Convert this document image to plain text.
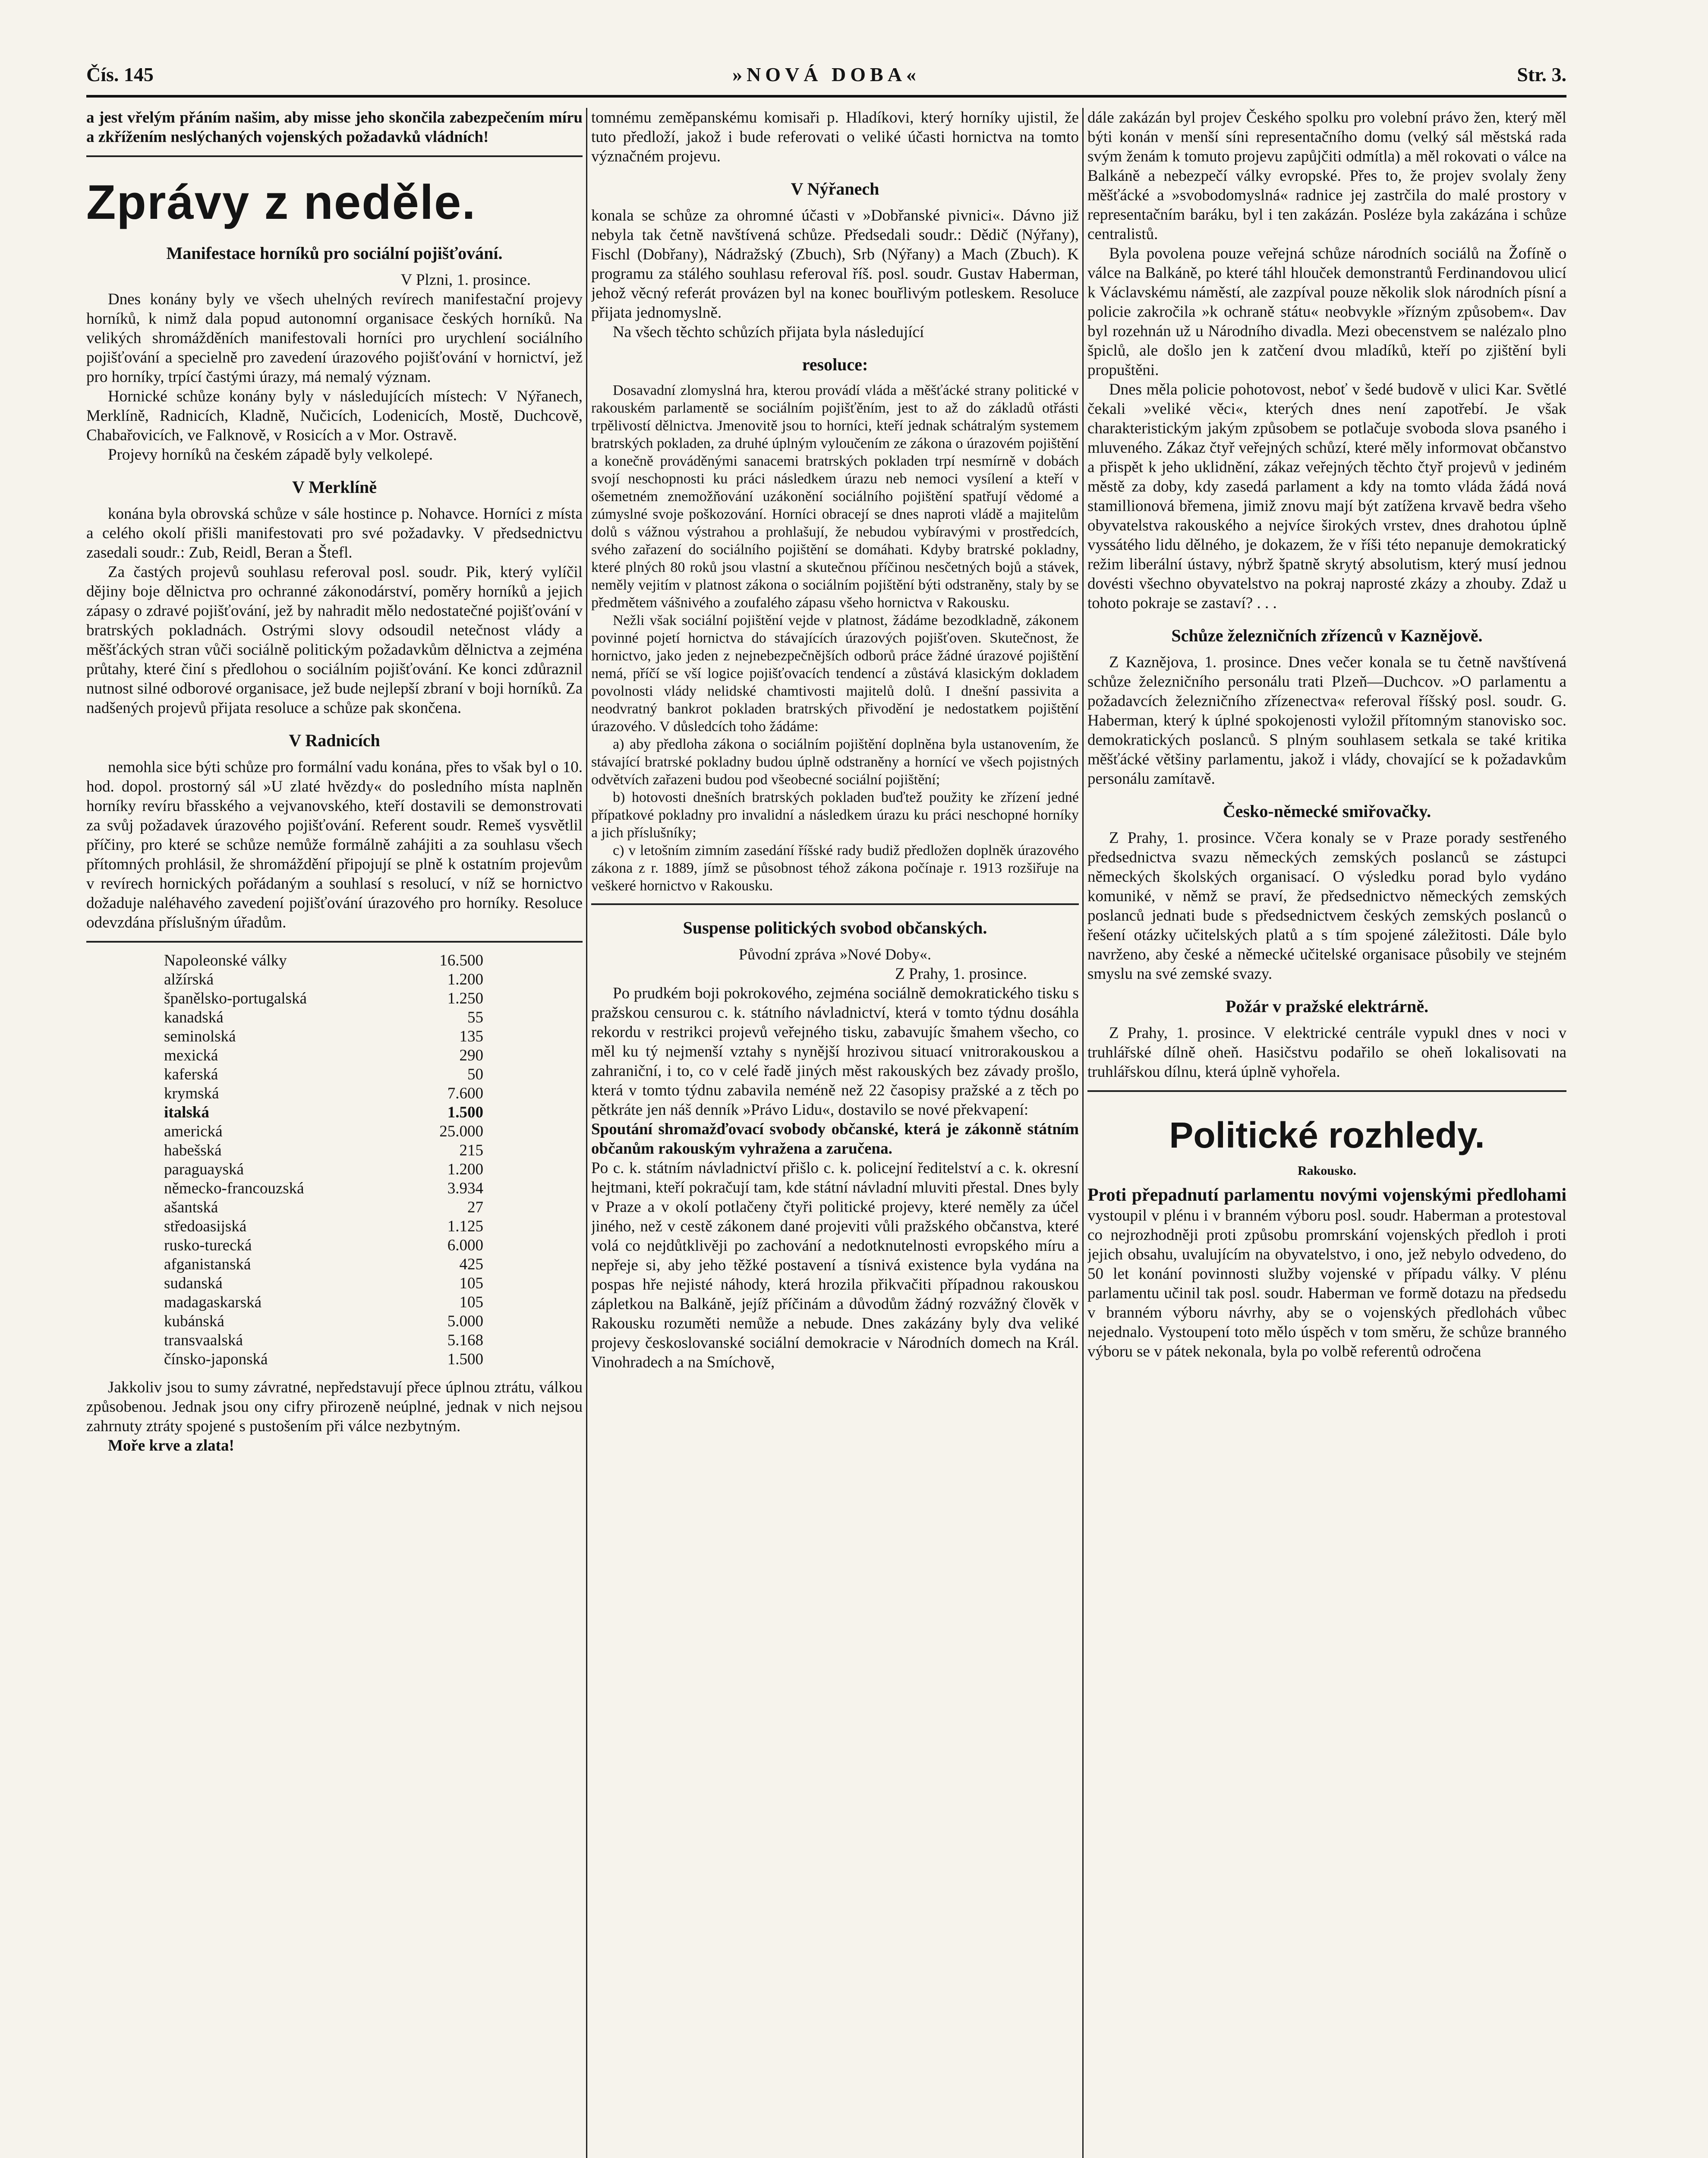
»NOVÁ DOBA«
Čís. 145	Str. 3.

a jest vřelým přáním našim, aby misse jeho skončila zabezpečením míru a zkřížením neslýchaných vojenských požadavků vládních!

Zprávy z neděle.
Manifestace horníků pro sociální pojišťování.

V Plzni, 1. prosince.

Dnes konány byly ve všech uhelných revírech manifestační projevy horníků, k nimž dala popud autonomní organisace českých horníků. Na velikých shromážděních manifestovali horníci pro urychlení sociálního pojišťování a specielně pro zavedení úrazového pojišťování v hornictví, jež pro horníky, trpící častými úrazy, má nemalý význam.

Hornické schůze konány byly v následujících místech: V Nýřanech, Merklíně, Radnicích, Kladně, Nučicích, Lodenicích, Mostě, Duchcově, Chabařovicích, ve Falknově, v Rosicích a v Mor. Ostravě.

Projevy horníků na českém západě byly velkolepé.

V Merklíně

konána byla obrovská schůze v sále hostince p. Nohavce. Horníci z místa a celého okolí přišli manifestovati pro své požadavky. V předsednictvu zasedali soudr.: Zub, Reidl, Beran a Štefl.

Za častých projevů souhlasu referoval posl. soudr. Pik, který vylíčil dějiny boje dělnictva pro ochranné zákonodárství, poměry horníků a jejich zápasy o zdravé pojišťování, jež by nahradit mělo nedostatečné pojišťování v bratrských pokladnách. Ostrými slovy odsoudil netečnost vlády a měšťáckých stran vůči sociálně politickým požadavkům dělnictva a zejména průtahy, které činí s předlohou o sociálním pojišťování. Ke konci zdůraznil nutnost silné odborové organisace, jež bude nejlepší zbraní v boji horníků. Za nadšených projevů přijata resoluce a schůze pak skončena.

V Radnicích

nemohla sice býti schůze pro formální vadu konána, přes to však byl o 10. hod. dopol. prostorný sál »U zlaté hvězdy« do posledního místa naplněn horníky revíru břasského a vejvanovského, kteří dostavili se demonstrovati za svůj požadavek úrazového pojišťování. Referent soudr. Remeš vysvětlil příčiny, pro které se schůze nemůže formálně zahájiti a za souhlasu všech přítomných prohlásil, že shromáždění připojují se plně k ostatním projevům v revírech hornických pořádaným a souhlasí s resolucí, v níž se hornictvo dožaduje naléhavého zavedení pojišťování úrazového pro horníky. Resoluce odevzdána příslušným úřadům.

Napoleonské války	16.500
alžírská	1.200
španělsko-portugalská	1.250
kanadská	55
seminolská	135
mexická	290
kaferská	50
krymská	7.600
italská	1.500
americká	25.000
habešská	215
paraguayská	1.200
německo-francouzská	3.934
ašantská	27
středoasijská	1.125
rusko-turecká	6.000
afganistanská	425
sudanská	105
madagaskarská	105
kubánská	5.000
transvaalská	5.168
čínsko-japonská	1.500

Jakkoliv jsou to sumy závratné, nepředstavují přece úplnou ztrátu, válkou způsobenou. Jednak jsou ony cifry přirozeně neúplné, jednak v nich nejsou zahrnuty ztráty spojené s pustošením při válce nezbytným.

Moře krve a zlata!

tomnému zeměpanskému komisaři p. Hladíkovi, který horníky ujistil, že tuto předloží, jakož i bude referovati o veliké účasti hornictva na tomto význačném projevu.

V Nýřanech

konala se schůze za ohromné účasti v »Dobřanské pivnici«. Dávno již nebyla tak četně navštívená schůze. Předsedali soudr.: Dědič (Nýřany), Fischl (Dobřany), Nádražský (Zbuch), Srb (Nýřany) a Mach (Zbuch). K programu za stálého souhlasu referoval říš. posl. soudr. Gustav Haberman, jehož věcný referát provázen byl na konec bouřlivým potleskem. Resoluce přijata jednomyslně.

Na všech těchto schůzích přijata byla následující

resoluce:

Dosavadní zlomyslná hra, kterou provádí vláda a měšťácké strany politické v rakouském parlamentě se sociálním pojišťěním, jest to až do základů otřásti trpělivostí dělnictva. Jmenovitě jsou to horníci, kteří jednak schátralým systemem bratrských pokladen, za druhé úplným vyloučením ze zákona o úrazovém pojištění a konečně prováděnými sanacemi bratrských pokladen trpí nesmírně v dobách svojí neschopnosti ku práci následkem úrazu neb nemoci vysílení a kteří v ošemetném znemožňování uzákonění sociálního pojištění spatřují vědomé a zúmyslné svoje poškozování. Horníci obracejí se dnes naproti vládě a majitelům dolů s vážnou výstrahou a prohlašují, že nebudou vybíravými v prostředcích, svého zařazení do sociálního pojištění se domáhati. Kdyby bratrské pokladny, které plných 80 roků jsou vlastní a skutečnou příčinou nesčetných bojů a stávek, neměly vejitím v platnost zákona o sociálním pojištění býti odstraněny, staly by se předmětem vášnivého a zoufalého zápasu všeho hornictva v Rakousku.

Nežli však sociální pojištění vejde v platnost, žádáme bezodkladně, zákonem povinné pojetí hornictva do stávajících úrazových pojišťoven. Skutečnost, že hornictvo, jako jeden z nejnebezpečnějších odborů práce žádné úrazové pojištění nemá, příčí se vší logice pojišťovacích tendencí a zůstává klasickým dokladem povolnosti vlády nelidské chamtivosti majitelů dolů. I dnešní passivita a neodvratný bankrot pokladen bratrských přivodění je nedostatkem pojištění úrazového. V důsledcích toho žádáme:

a) aby předloha zákona o sociálním pojištění doplněna byla ustanovením, že stávající bratrské pokladny budou úplně odstraněny a hornící ve všech pojistných odvětvích zařazeni budou pod všeobecné sociální pojištění;

b) hotovosti dnešních bratrských pokladen buďtež použity ke zřízení jedné přípatkové pokladny pro invalidní a následkem úrazu ku práci neschopné horníky a jich příslušníky;

c) v letošním zimním zasedání říšské rady budiž předložen doplněk úrazového zákona z r. 1889, jímž se působnost téhož zákona počínaje r. 1913 rozšiřuje na veškeré hornictvo v Rakousku.

Suspense politických svobod občanských.

Původní zpráva »Nové Doby«.

Z Prahy, 1. prosince.

Po prudkém boji pokrokového, zejména sociálně demokratického tisku s pražskou censurou c. k. státního návladnictví, která v tomto týdnu dosáhla rekordu v restrikci projevů veřejného tisku, zabavujíc šmahem všecho, co měl ku tý nejmenší vztahy s nynější hrozivou situací vnitrorakouskou a zahraniční, i to, co v celé řadě jiných měst rakouských bez závady prošlo, která v tomto týdnu zabavila neméně než 22 časopisy pražské a z těch po pětkráte jen náš denník »Právo Lidu«, dostavilo se nové překvapení:

Spoutání shromažďovací svobody občanské, která je zákonně státním občanům rakouským vyhražena a zaručena.

Po c. k. státním návladnictví přišlo c. k. policejní ředitelství a c. k. okresní hejtmani, kteří pokračují tam, kde státní návladní mluviti přestal. Dnes byly v Praze a v okolí potlačeny čtyři politické projevy, které neměly za účel jiného, než v cestě zákonem dané projeviti vůli pražského občanstva, které volá co nejdůtklivěji po zachování a nedotknutelnosti evropského míru a nepřeje si, aby jeho těžké postavení a tísnivá existence byla vydána na pospas hře nejisté náhody, která hrozila přikvačiti případnou rakouskou zápletkou na Balkáně, jejíž příčinám a důvodům žádný rozvážný člověk v Rakousku rozuměti nemůže a nebude. Dnes zakázány byly dva veliké projevy českoslovanské sociální demokracie v Národních domech na Král. Vinohradech a na Smíchově,

dále zakázán byl projev Českého spolku pro volební právo žen, který měl býti konán v menší síni representačního domu (velký sál městská rada svým ženám k tomuto projevu zapůjčiti odmítla) a měl rokovati o válce na Balkáně a nebezpečí války evropské. Přes to, že projev svolaly ženy měšťácké a »svobodomyslná« radnice jej zastrčila do malé prostory v representačním baráku, byl i ten zakázán. Posléze byla zakázána i schůze centralistů.

Byla povolena pouze veřejná schůze národních sociálů na Žofíně o válce na Balkáně, po které táhl hlouček demonstrantů Ferdinandovou ulicí k Václavskému náměstí, ale zazpíval pouze několik slok národních písní a policie zakročila »k ochraně státu« neobvykle »řízným způsobem«. Dav byl rozehnán už u Národního divadla. Mezi obecenstvem se nalézalo plno špiclů, ale došlo jen k zatčení dvou mladíků, kteří po zjištění byli propuštěni.

Dnes měla policie pohotovost, neboť v šedé budově v ulici Kar. Světlé čekali »veliké věci«, kterých dnes není zapotřebí. Je však charakteristickým jakým způsobem se potlačuje svoboda slova psaného i mluveného. Zákaz čtyř veřejných schůzí, které měly informovat občanstvo a přispět k jeho uklidnění, zákaz veřejných těchto čtyř projevů v jediném městě za doby, kdy zasedá parlament a kdy na tomto vláda žádá nová stamillionová břemena, jimiž znovu mají být zatížena krvavě bedra všeho obyvatelstva rakouského a nejvíce širokých vrstev, dnes drahotou úplně vyssátého lidu dělného, je dokazem, že v říši této nepanuje demokratický režim liberální ústavy, nýbrž špatně skrytý absolutism, který musí jednou dovésti všechno obyvatelstvo na pokraj naprosté zkázy a zhouby. Zdaž u tohoto pokraje se zastaví? . . .

Schůze železničních zřízenců v Kaznějově.

Z Kaznějova, 1. prosince. Dnes večer konala se tu četně navštívená schůze železničního personálu trati Plzeň—Duchcov. »O parlamentu a požadavcích železničního zřízenectva« referoval říšský posl. soudr. G. Haberman, který k úplné spokojenosti vyložil přítomným stanovisko soc. demokratických poslanců. S plným souhlasem setkala se také kritika měšťácké většiny parlamentu, jakož i vlády, chovající se k požadavkům personálu zamítavě.

Česko-německé smiřovačky.

Z Prahy, 1. prosince. Včera konaly se v Praze porady sestřeného předsednictva svazu německých zemských poslanců se zástupci německých školských organisací. O výsledku porad bylo vydáno komuniké, v němž se praví, že předsednictvo německých zemských poslanců jednati bude s předsednictvem českých zemských poslanců o řešení otázky učitelských platů a s tím spojené záležitosti. Dále bylo navrženo, aby české a německé učitelské organisace působily ve stejném smyslu na své zemské svazy.

Požár v pražské elektrárně.

Z Prahy, 1. prosince. V elektrické centrále vypukl dnes v noci v truhlářské dílně oheň. Hasičstvu podařilo se oheň lokalisovati na truhlářskou dílnu, která úplně vyhořela.

Politické rozhledy.

Rakousko.

Proti přepadnutí parlamentu novými vojenskými předlohami vystoupil v plénu i v branném výboru posl. soudr. Haberman a protestoval co nejrozhodněji proti způsobu promrskání vojenských předloh i proti jejich obsahu, uvalujícím na obyvatelstvo, i ono, jež nebylo odvedeno, do 50 let konání povinnosti služby vojenské v případu války. V plénu parlamentu učinil tak posl. soudr. Haberman ve formě dotazu na předsedu v branném výboru návrhy, aby se o vojenských předlohách vůbec nejednalo. Vystoupení toto mělo úspěch v tom směru, že schůze branného výboru se v pátek nekonala, byla po volbě referentů odročena
